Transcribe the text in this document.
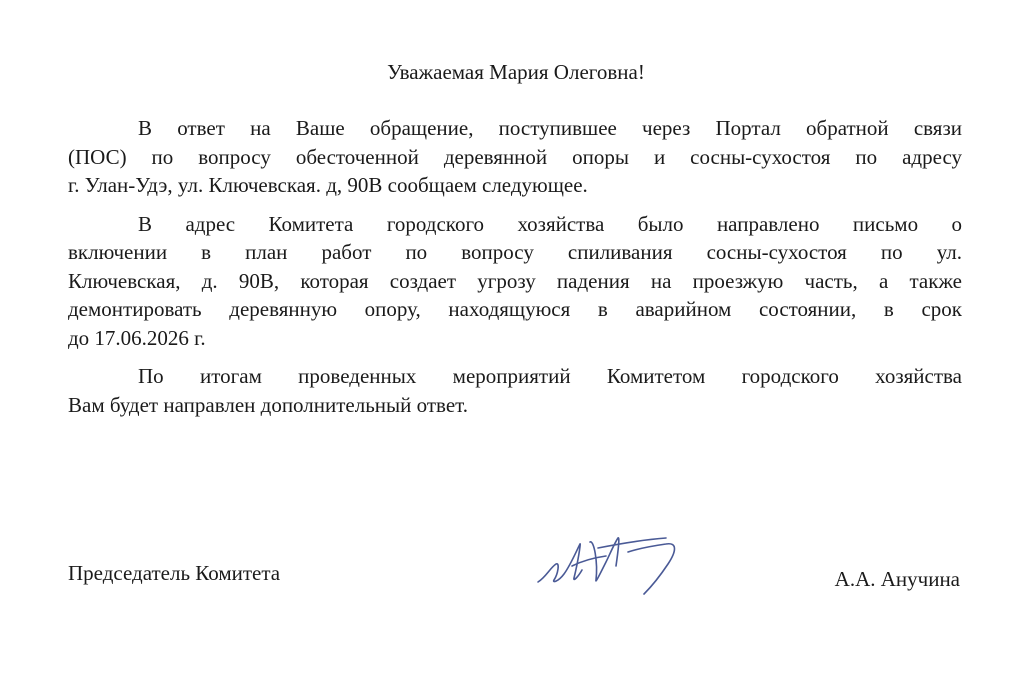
Уважаемая Мария Олеговна!
В ответ на Ваше обращение, поступившее через Портал обратной связи
(ПОС) по вопросу обесточенной деревянной опоры и сосны-сухостоя по адресу
г. Улан-Удэ, ул. Ключевская. д, 90В сообщаем следующее.
В адрес Комитета городского хозяйства было направлено письмо о
включении в план работ по вопросу спиливания сосны-сухостоя по ул.
Ключевская, д. 90В, которая создает угрозу падения на проезжую часть, а также
демонтировать деревянную опору, находящуюся в аварийном состоянии, в срок
до 17.06.2026 г.
По итогам проведенных мероприятий Комитетом городского хозяйства
Вам будет направлен дополнительный ответ.
Председатель Комитета	А.А. Анучина
